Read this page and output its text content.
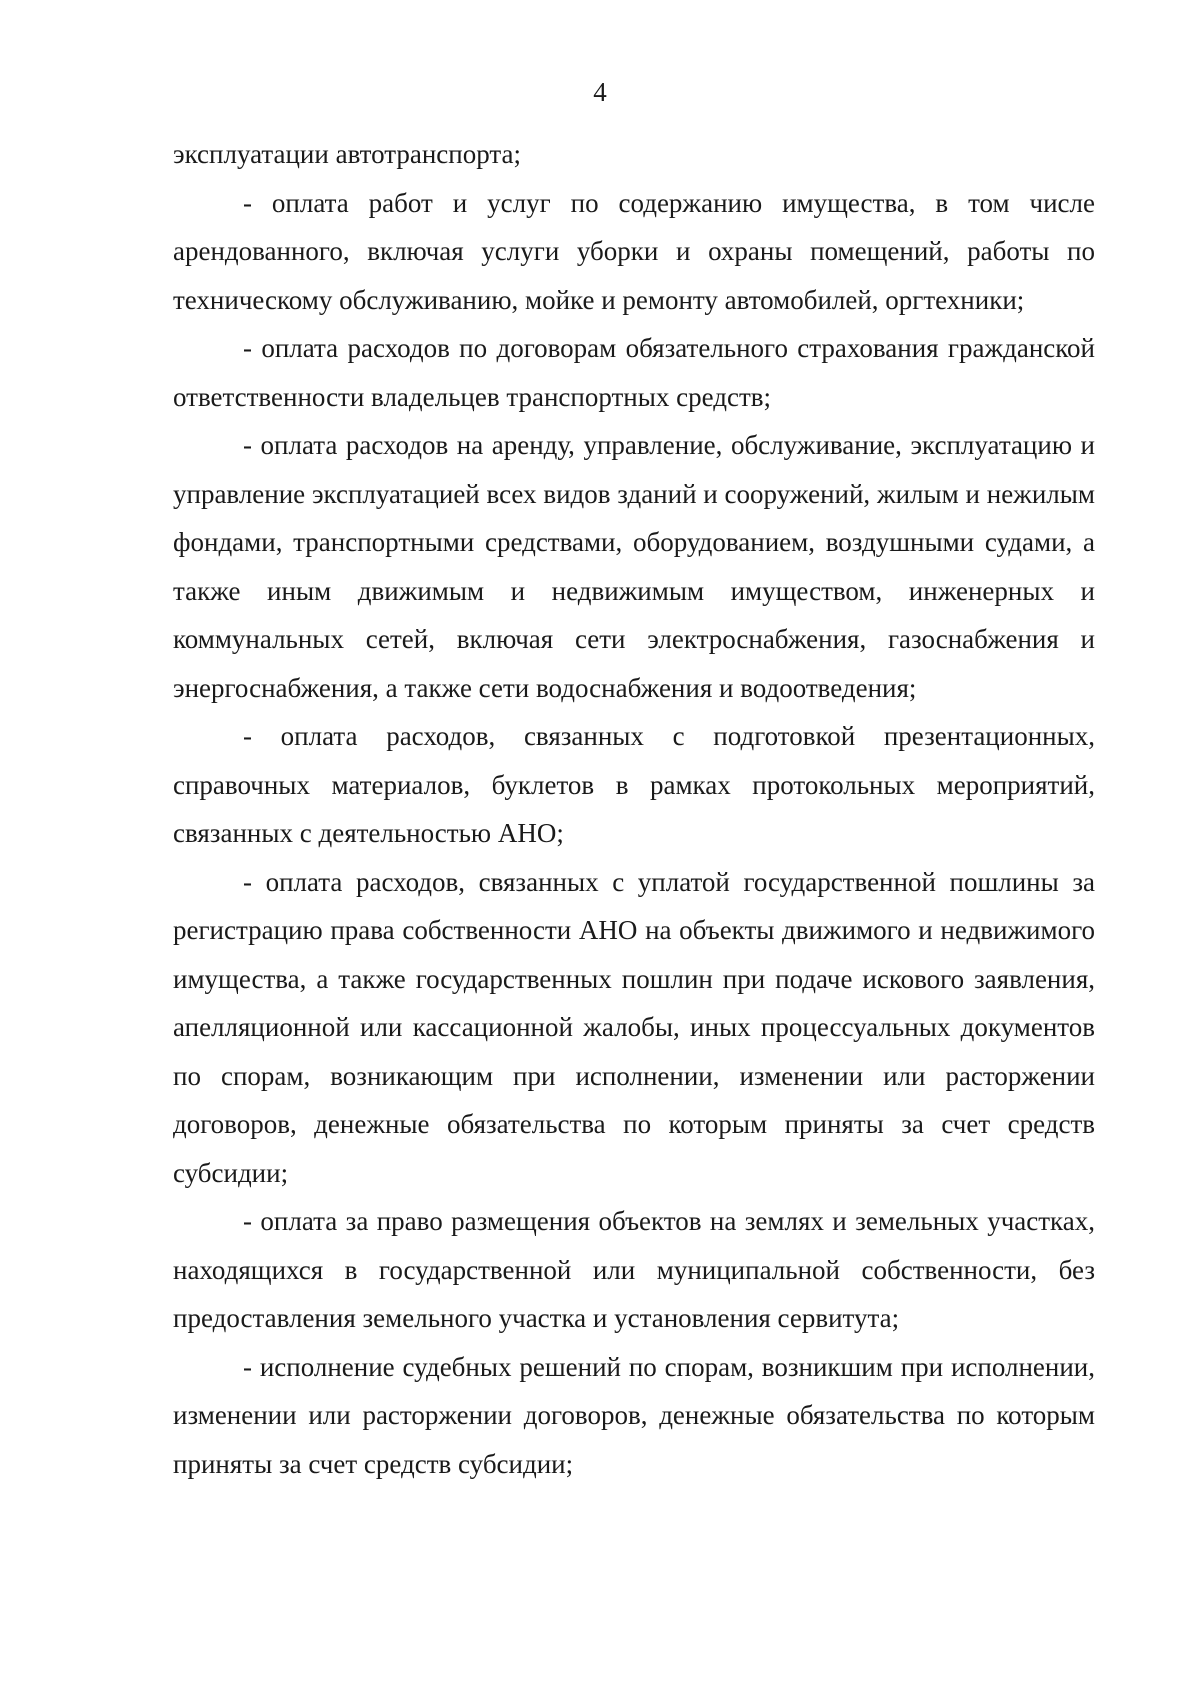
4

эксплуатации автотранспорта;

- оплата работ и услуг по содержанию имущества, в том числе арендованного, включая услуги уборки и охраны помещений, работы по техническому обслуживанию, мойке и ремонту автомобилей, оргтехники;

- оплата расходов по договорам обязательного страхования гражданской ответственности владельцев транспортных средств;

- оплата расходов на аренду, управление, обслуживание, эксплуатацию и управление эксплуатацией всех видов зданий и сооружений, жилым и нежилым фондами, транспортными средствами, оборудованием, воздушными судами, а также иным движимым и недвижимым имуществом, инженерных и коммунальных сетей, включая сети электроснабжения, газоснабжения и энергоснабжения, а также сети водоснабжения и водоотведения;

- оплата расходов, связанных с подготовкой презентационных, справочных материалов, буклетов в рамках протокольных мероприятий, связанных с деятельностью АНО;

- оплата расходов, связанных с уплатой государственной пошлины за регистрацию права собственности АНО на объекты движимого и недвижимого имущества, а также государственных пошлин при подаче искового заявления, апелляционной или кассационной жалобы, иных процессуальных документов по спорам, возникающим при исполнении, изменении или расторжении договоров, денежные обязательства по которым приняты за счет средств субсидии;

- оплата за право размещения объектов на землях и земельных участках, находящихся в государственной или муниципальной собственности, без предоставления земельного участка и установления сервитута;

- исполнение судебных решений по спорам, возникшим при исполнении, изменении или расторжении договоров, денежные обязательства по которым приняты за счет средств субсидии;
